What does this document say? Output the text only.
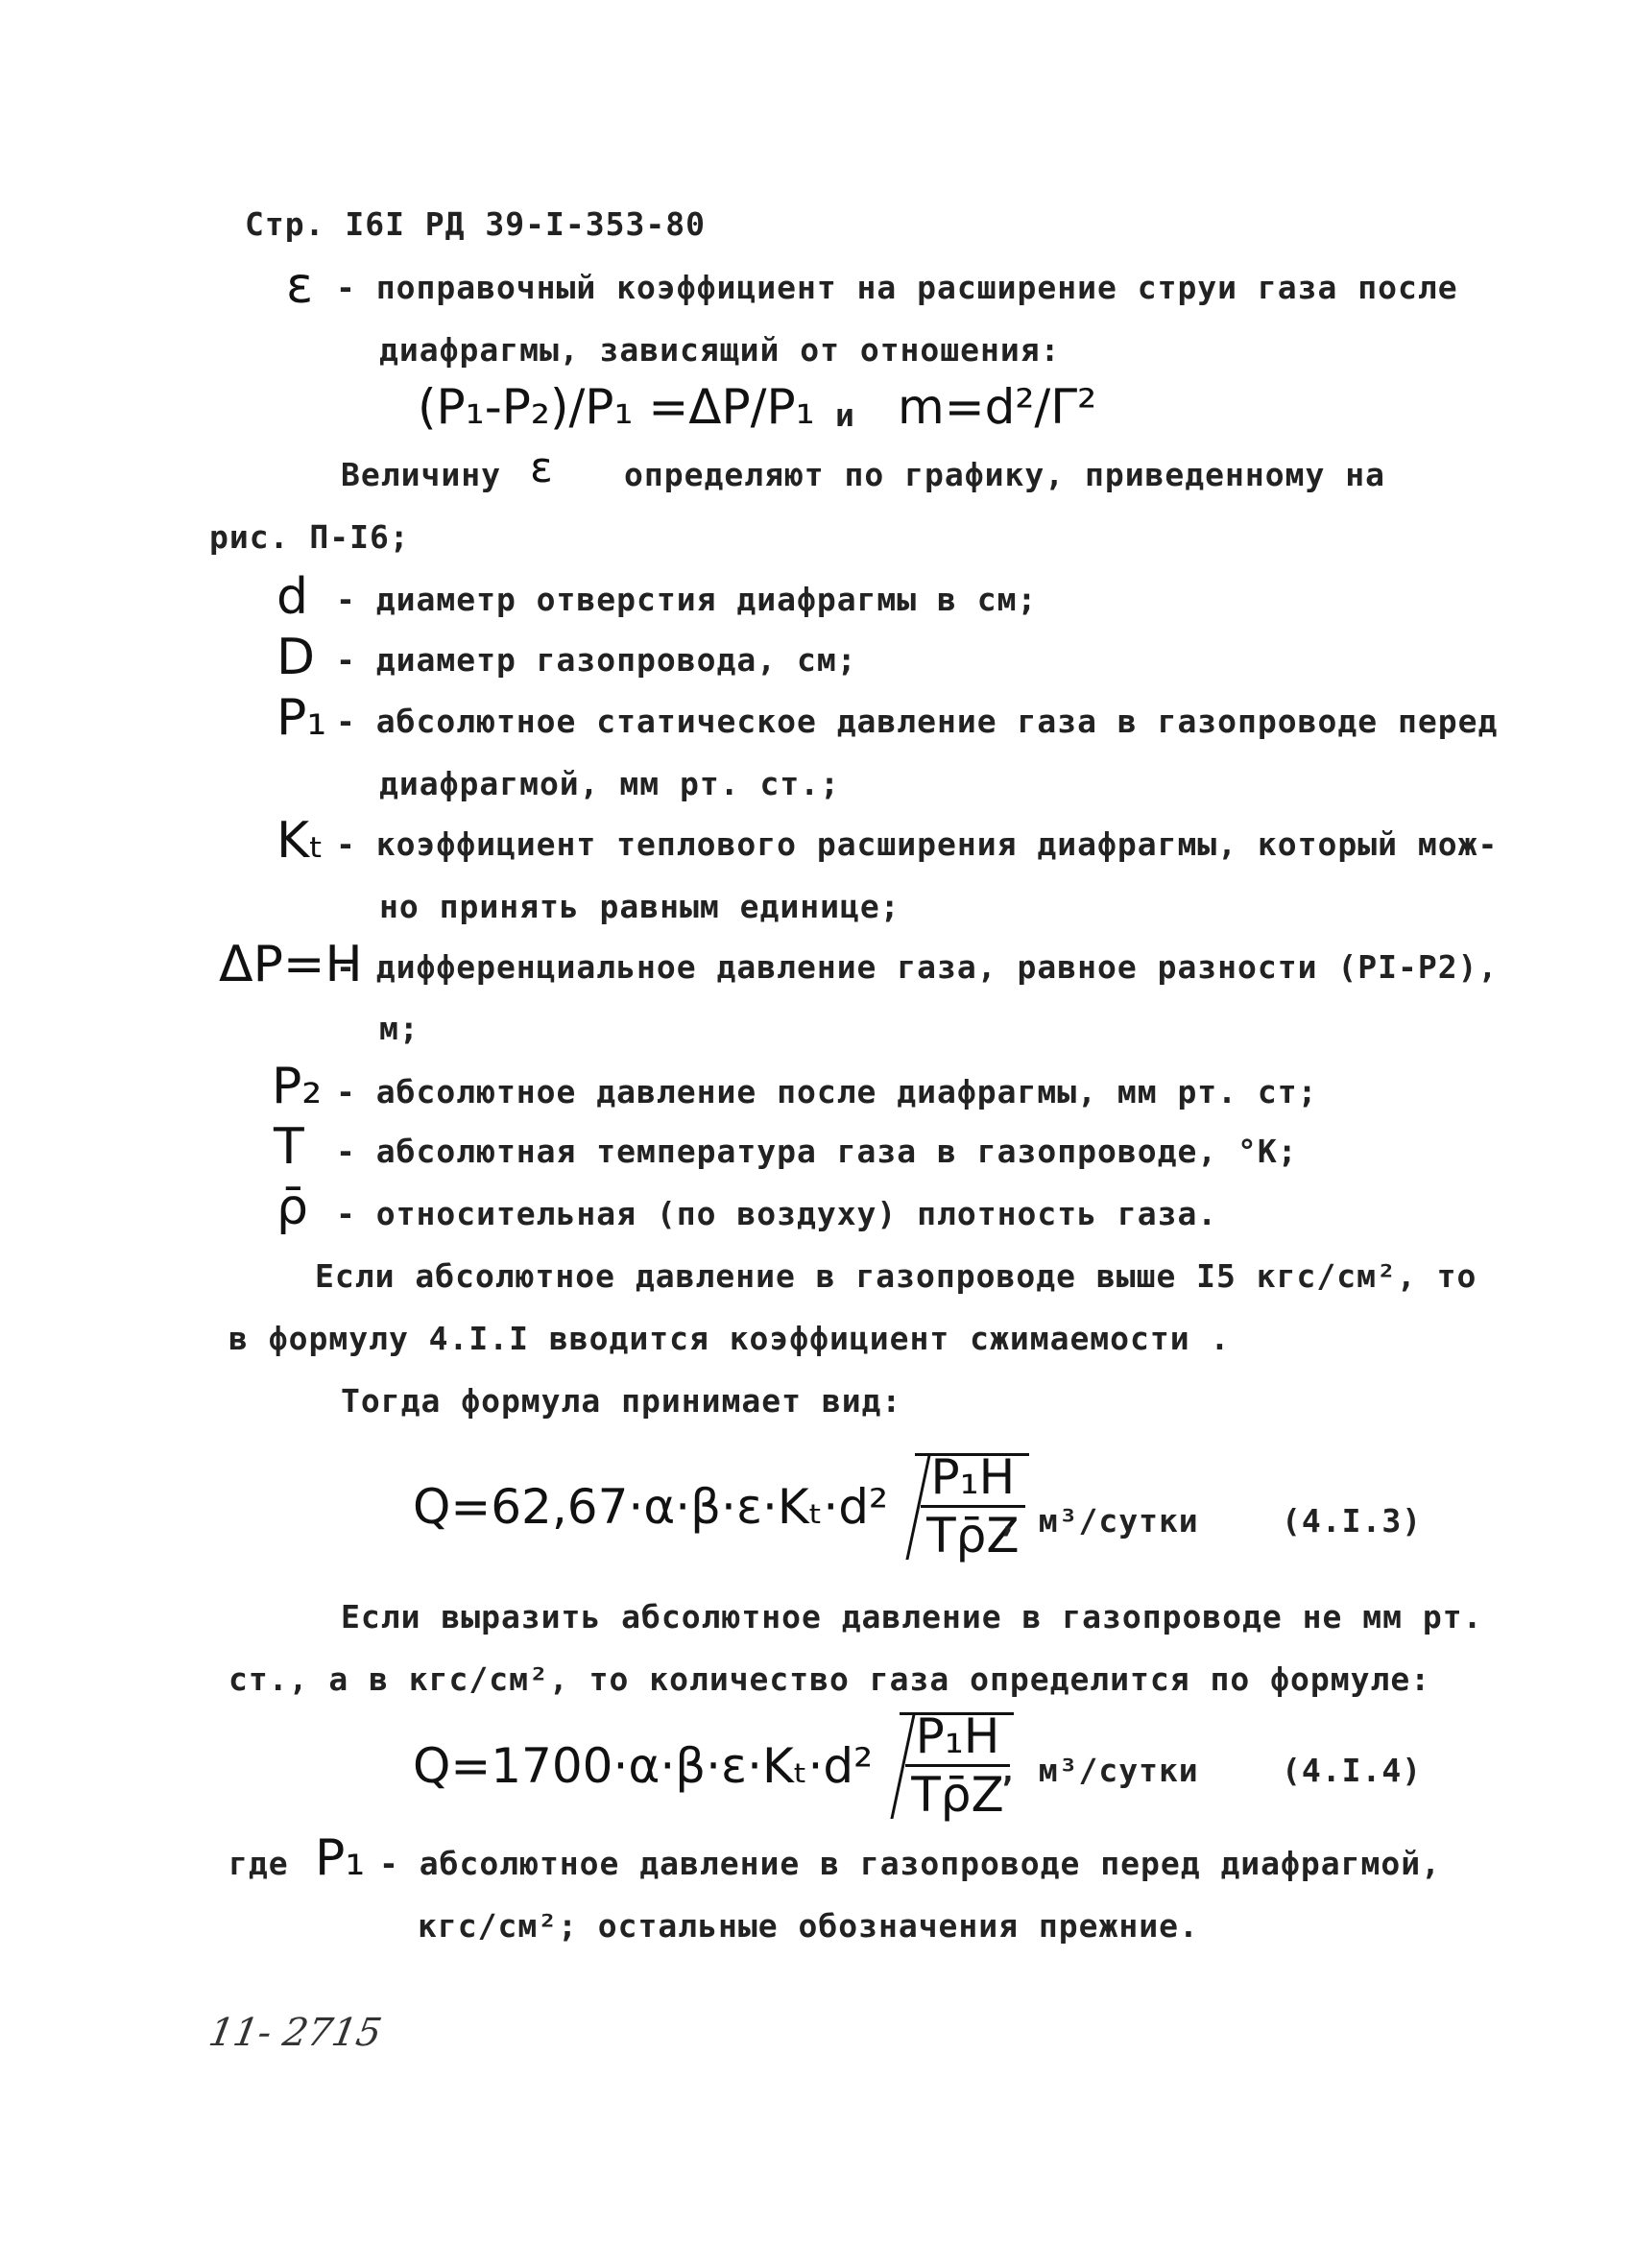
Стр. I6I РД 39-I-353-80
ε - поправочный коэффициент на расширение струи газа после
диафрагмы, зависящий от отношения:
(P₁-P₂)/P₁ =ΔP/P₁ и m=d²/Γ²
Величину ε определяют по графику, приведенному на
рис. П-I6;
d - диаметр отверстия диафрагмы в см;
D - диаметр газопровода, см;
P₁ - абсолютное статическое давление газа в газопроводе перед
диафрагмой, мм рт. ст.;
Kₜ - коэффициент теплового расширения диафрагмы, который мож-
но принять равным единице;
ΔP=H
- дифференциальное давление газа, равное разности (PI-P2),
м;
P₂ - абсолютное давление после диафрагмы, мм рт. ст;
T - абсолютная температура газа в газопроводе, °К;
ρ̄ - относительная (по воздуху) плотность газа.
Если абсолютное давление в газопроводе выше I5 кгс/см², то
в формулу 4.I.I вводится коэффициент сжимаемости .
Тогда формула принимает вид:
$Q=62,67\cdot\alpha\cdot\beta\cdot\varepsilon\cdot K_t\cdot d^2 \frac{\text{P₁H}}{T\rhōZ}$
, м³/сутки	(4.I.3)
Если выразить абсолютное давление в газопроводе не мм рт.
ст., а в кгс/см², то количество газа определится по формуле:
$Q=1700\cdot\alpha\cdot\beta\cdot\varepsilon\cdot K_t\cdot d^2 \frac{\text{P₁H}}{T\rhōZ}$
, м³/сутки	(4.I.4)
где P₁ - абсолютное давление в газопроводе перед диафрагмой,
кгс/см²; остальные обозначения прежние.
11- 2715
